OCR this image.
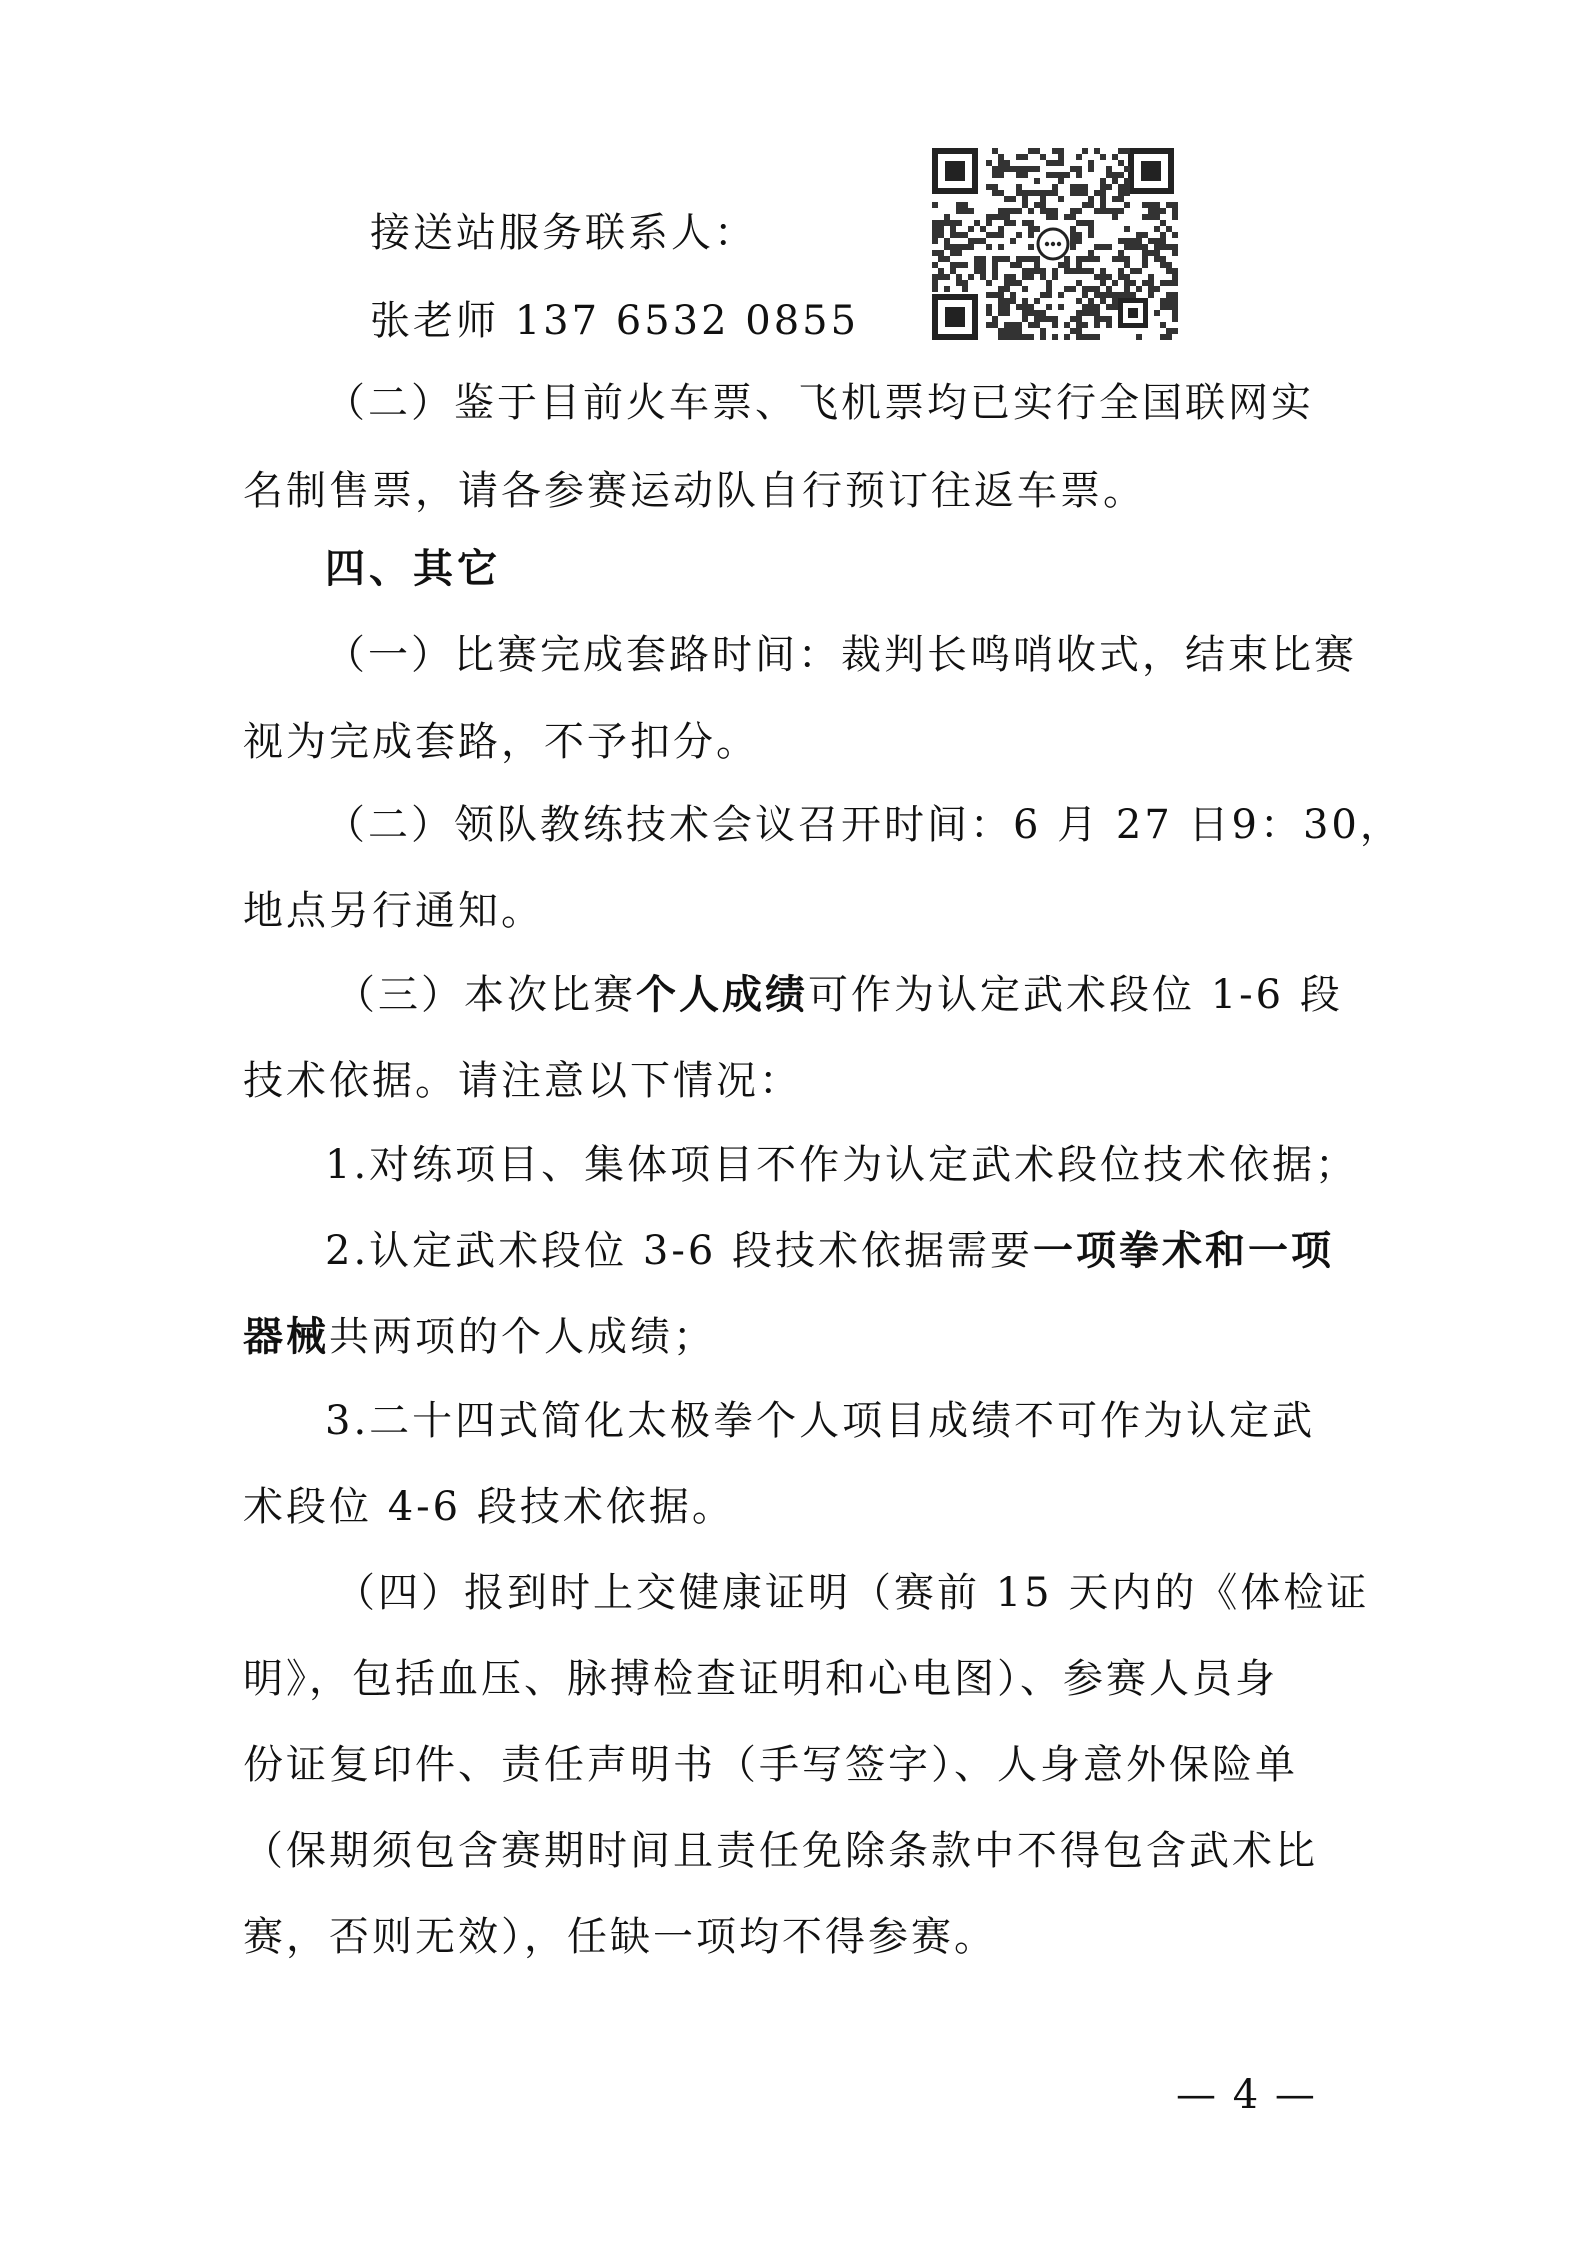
接送站服务联系人：
张老师 137 6532 0855
（二）鉴于目前火车票、飞机票均已实行全国联网实
名制售票，请各参赛运动队自行预订往返车票。
四、其它
（一）比赛完成套路时间：裁判长鸣哨收式，结束比赛
视为完成套路，不予扣分。
（二）领队教练技术会议召开时间：6 月 27 日9：30，
地点另行通知。
（三）本次比赛个人成绩可作为认定武术段位 1-6 段
技术依据。请注意以下情况：
1.对练项目、集体项目不作为认定武术段位技术依据；
2.认定武术段位 3-6 段技术依据需要一项拳术和一项
器械共两项的个人成绩；
3.二十四式简化太极拳个人项目成绩不可作为认定武
术段位 4-6 段技术依据。
（四）报到时上交健康证明（赛前 15 天内的《体检证
明》，包括血压、脉搏检查证明和心电图）、参赛人员身
份证复印件、责任声明书（手写签字）、人身意外保险单
（保期须包含赛期时间且责任免除条款中不得包含武术比
赛，否则无效），任缺一项均不得参赛。
— 4 —
